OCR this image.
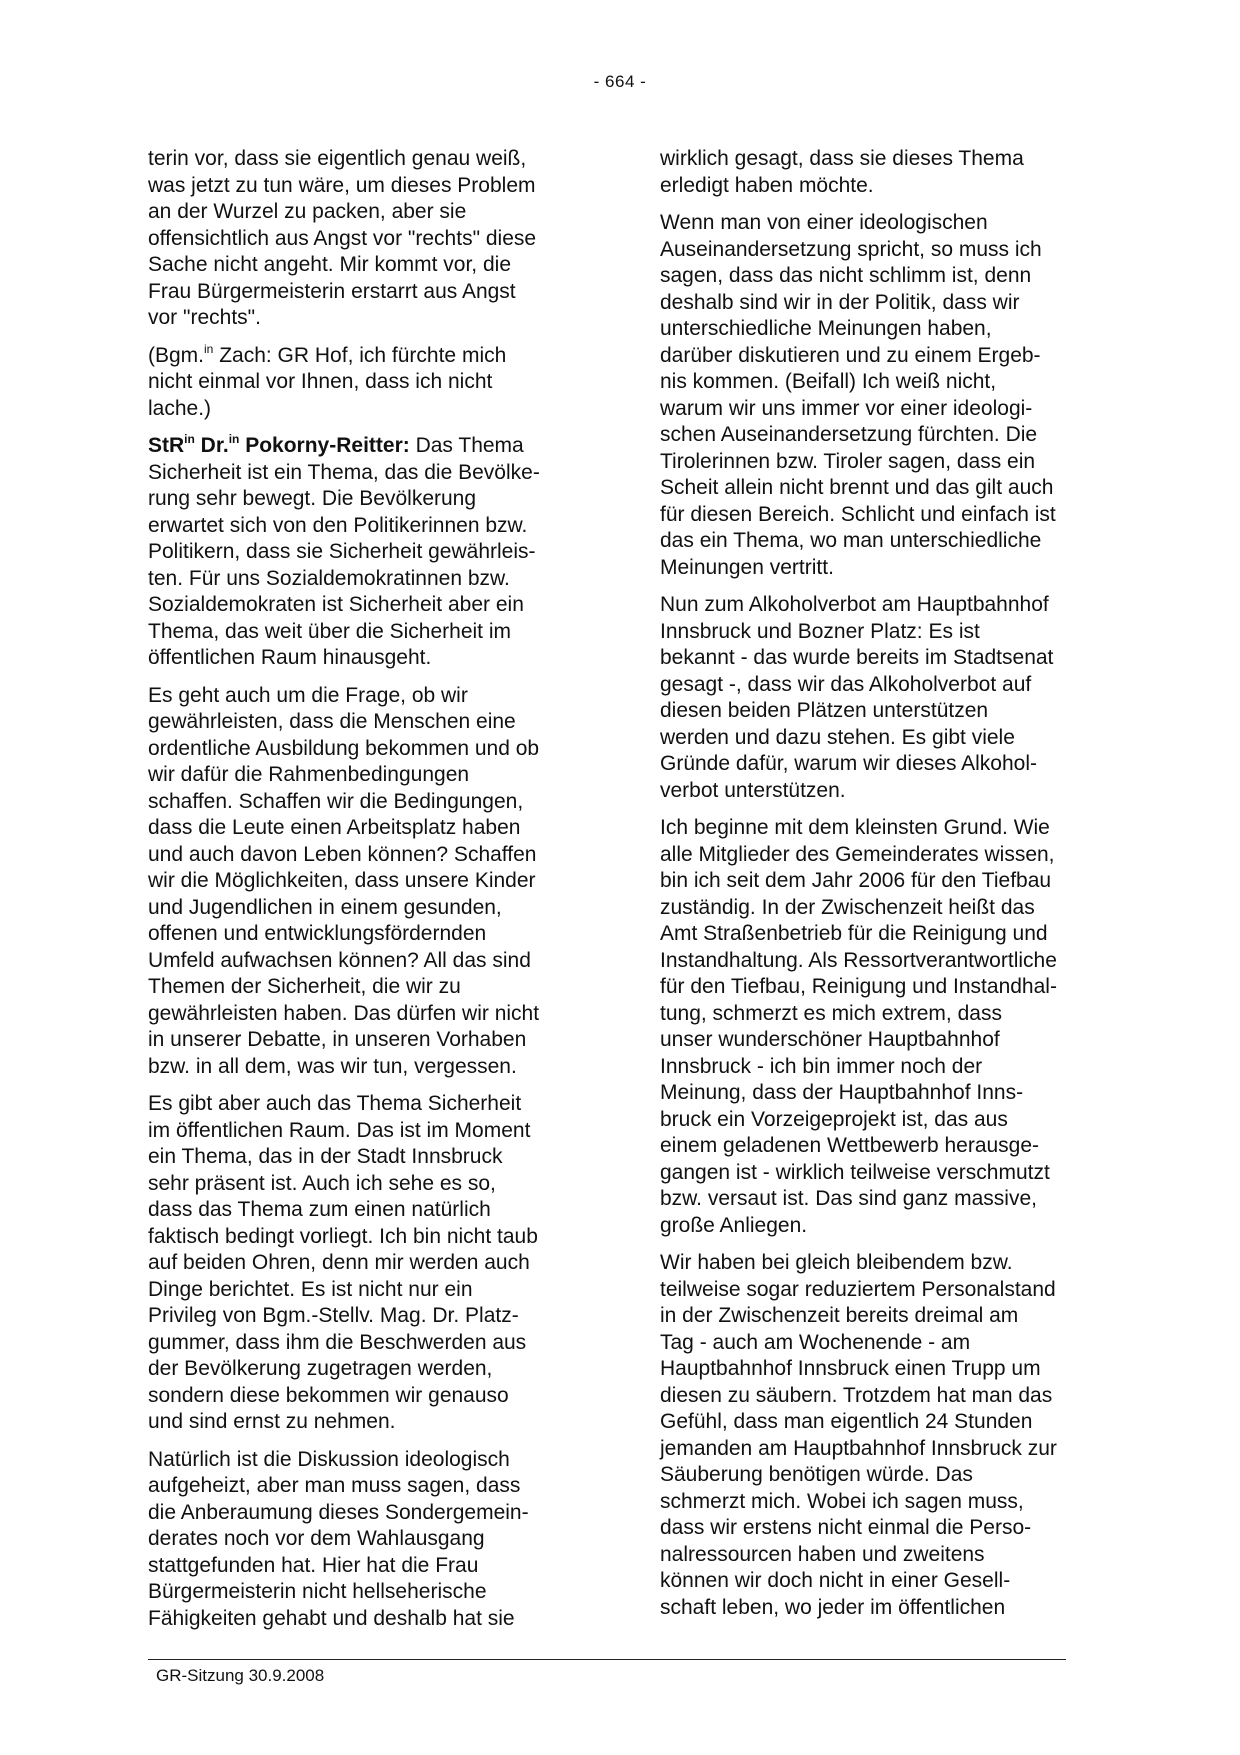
- 664 -

terin vor, dass sie eigentlich genau weiß,
was jetzt zu tun wäre, um dieses Problem
an der Wurzel zu packen, aber sie
offensichtlich aus Angst vor "rechts" diese
Sache nicht angeht. Mir kommt vor, die
Frau Bürgermeisterin erstarrt aus Angst
vor "rechts".

(Bgm.$^{in}$ Zach: GR Hof, ich fürchte mich
nicht einmal vor Ihnen, dass ich nicht
lache.)

StR$^{in}$ Dr.$^{in}$ Pokorny-Reitter: Das Thema
Sicherheit ist ein Thema, das die Bevölke-
rung sehr bewegt. Die Bevölkerung
erwartet sich von den Politikerinnen bzw.
Politikern, dass sie Sicherheit gewährleis-
ten. Für uns Sozialdemokratinnen bzw.
Sozialdemokraten ist Sicherheit aber ein
Thema, das weit über die Sicherheit im
öffentlichen Raum hinausgeht.

Es geht auch um die Frage, ob wir
gewährleisten, dass die Menschen eine
ordentliche Ausbildung bekommen und ob
wir dafür die Rahmenbedingungen
schaffen. Schaffen wir die Bedingungen,
dass die Leute einen Arbeitsplatz haben
und auch davon Leben können? Schaffen
wir die Möglichkeiten, dass unsere Kinder
und Jugendlichen in einem gesunden,
offenen und entwicklungsfördernden
Umfeld aufwachsen können? All das sind
Themen der Sicherheit, die wir zu
gewährleisten haben. Das dürfen wir nicht
in unserer Debatte, in unseren Vorhaben
bzw. in all dem, was wir tun, vergessen.

Es gibt aber auch das Thema Sicherheit
im öffentlichen Raum. Das ist im Moment
ein Thema, das in der Stadt Innsbruck
sehr präsent ist. Auch ich sehe es so,
dass das Thema zum einen natürlich
faktisch bedingt vorliegt. Ich bin nicht taub
auf beiden Ohren, denn mir werden auch
Dinge berichtet. Es ist nicht nur ein
Privileg von Bgm.-Stellv. Mag. Dr. Platz-
gummer, dass ihm die Beschwerden aus
der Bevölkerung zugetragen werden,
sondern diese bekommen wir genauso
und sind ernst zu nehmen.

Natürlich ist die Diskussion ideologisch
aufgeheizt, aber man muss sagen, dass
die Anberaumung dieses Sondergemein-
derates noch vor dem Wahlausgang
stattgefunden hat. Hier hat die Frau
Bürgermeisterin nicht hellseherische
Fähigkeiten gehabt und deshalb hat sie

wirklich gesagt, dass sie dieses Thema
erledigt haben möchte.

Wenn man von einer ideologischen
Auseinandersetzung spricht, so muss ich
sagen, dass das nicht schlimm ist, denn
deshalb sind wir in der Politik, dass wir
unterschiedliche Meinungen haben,
darüber diskutieren und zu einem Ergeb-
nis kommen. (Beifall) Ich weiß nicht,
warum wir uns immer vor einer ideologi-
schen Auseinandersetzung fürchten. Die
Tirolerinnen bzw. Tiroler sagen, dass ein
Scheit allein nicht brennt und das gilt auch
für diesen Bereich. Schlicht und einfach ist
das ein Thema, wo man unterschiedliche
Meinungen vertritt.

Nun zum Alkoholverbot am Hauptbahnhof
Innsbruck und Bozner Platz: Es ist
bekannt - das wurde bereits im Stadtsenat
gesagt -, dass wir das Alkoholverbot auf
diesen beiden Plätzen unterstützen
werden und dazu stehen. Es gibt viele
Gründe dafür, warum wir dieses Alkohol-
verbot unterstützen.

Ich beginne mit dem kleinsten Grund. Wie
alle Mitglieder des Gemeinderates wissen,
bin ich seit dem Jahr 2006 für den Tiefbau
zuständig. In der Zwischenzeit heißt das
Amt Straßenbetrieb für die Reinigung und
Instandhaltung. Als Ressortverantwortliche
für den Tiefbau, Reinigung und Instandhal-
tung, schmerzt es mich extrem, dass
unser wunderschöner Hauptbahnhof
Innsbruck - ich bin immer noch der
Meinung, dass der Hauptbahnhof Inns-
bruck ein Vorzeigeprojekt ist, das aus
einem geladenen Wettbewerb herausge-
gangen ist - wirklich teilweise verschmutzt
bzw. versaut ist. Das sind ganz massive,
große Anliegen.

Wir haben bei gleich bleibendem bzw.
teilweise sogar reduziertem Personalstand
in der Zwischenzeit bereits dreimal am
Tag - auch am Wochenende - am
Hauptbahnhof Innsbruck einen Trupp um
diesen zu säubern. Trotzdem hat man das
Gefühl, dass man eigentlich 24 Stunden
jemanden am Hauptbahnhof Innsbruck zur
Säuberung benötigen würde. Das
schmerzt mich. Wobei ich sagen muss,
dass wir erstens nicht einmal die Perso-
nalressourcen haben und zweitens
können wir doch nicht in einer Gesell-
schaft leben, wo jeder im öffentlichen

GR-Sitzung 30.9.2008
